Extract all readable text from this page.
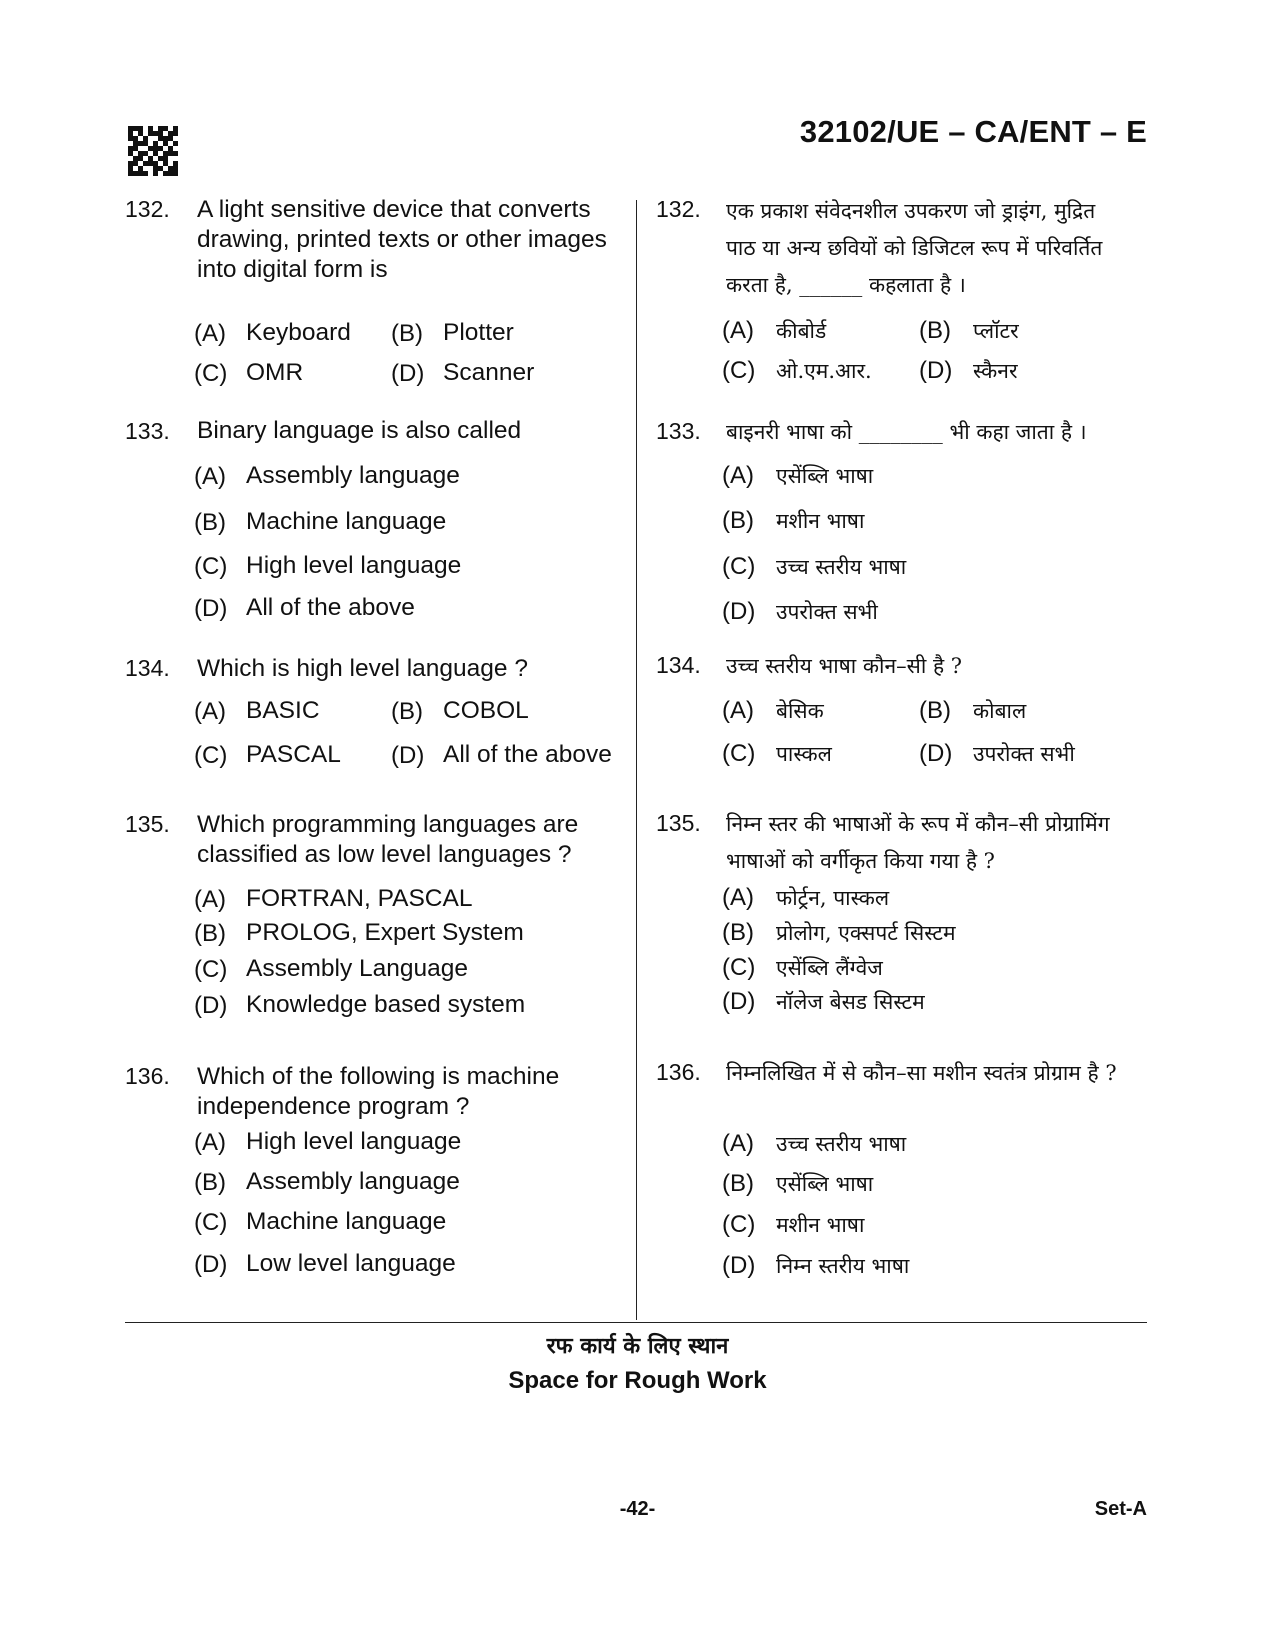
32102/UE – CA/ENT – E
132. A light sensitive device that converts
drawing, printed texts or other images
into digital form is
(A) Keyboard (B) Plotter
(C) OMR	(D) Scanner
132. एक प्रकाश संवेदनशील उपकरण जो ड्राइंग, मुद्रित
पाठ या अन्य छवियों को डिजिटल रूप में परिवर्तित
करता है, ______ कहलाता है ।
(A) कीबोर्ड	(B) प्लॉटर
(C) ओ.एम.आर. (D) स्कैनर
133. Binary language is also called
(A) Assembly language
(B) Machine language
(C) High level language
(D) All of the above
133. बाइनरी भाषा को ________ भी कहा जाता है ।
(A) एसेंब्लि भाषा
(B) मशीन भाषा
(C) उच्च स्तरीय भाषा
(D) उपरोक्त सभी
134. Which is high level language ?
(A) BASIC	(B) COBOL
(C) PASCAL (D) All of the above
134. उच्च स्तरीय भाषा कौन–सी है ?
(A) बेसिक	(B) कोबाल
(C) पास्कल	(D) उपरोक्त सभी
135. Which programming languages are
classified as low level languages ?
(A) FORTRAN, PASCAL
(B) PROLOG, Expert System
(C) Assembly Language
(D) Knowledge based system
135. निम्न स्तर की भाषाओं के रूप में कौन–सी प्रोग्रामिंग
भाषाओं को वर्गीकृत किया गया है ?
(A) फोर्ट्रन, पास्कल
(B) प्रोलोग, एक्सपर्ट सिस्टम
(C) एसेंब्लि लैंग्वेज
(D) नॉलेज बेसड सिस्टम
136. Which of the following is machine
independence program ?
(A) High level language
(B) Assembly language
(C) Machine language
(D) Low level language
136. निम्नलिखित में से कौन–सा मशीन स्वतंत्र प्रोग्राम है ?
(A) उच्च स्तरीय भाषा
(B) एसेंब्लि भाषा
(C) मशीन भाषा
(D) निम्न स्तरीय भाषा
रफ कार्य के लिए स्थान
Space for Rough Work
-42-	Set-A
